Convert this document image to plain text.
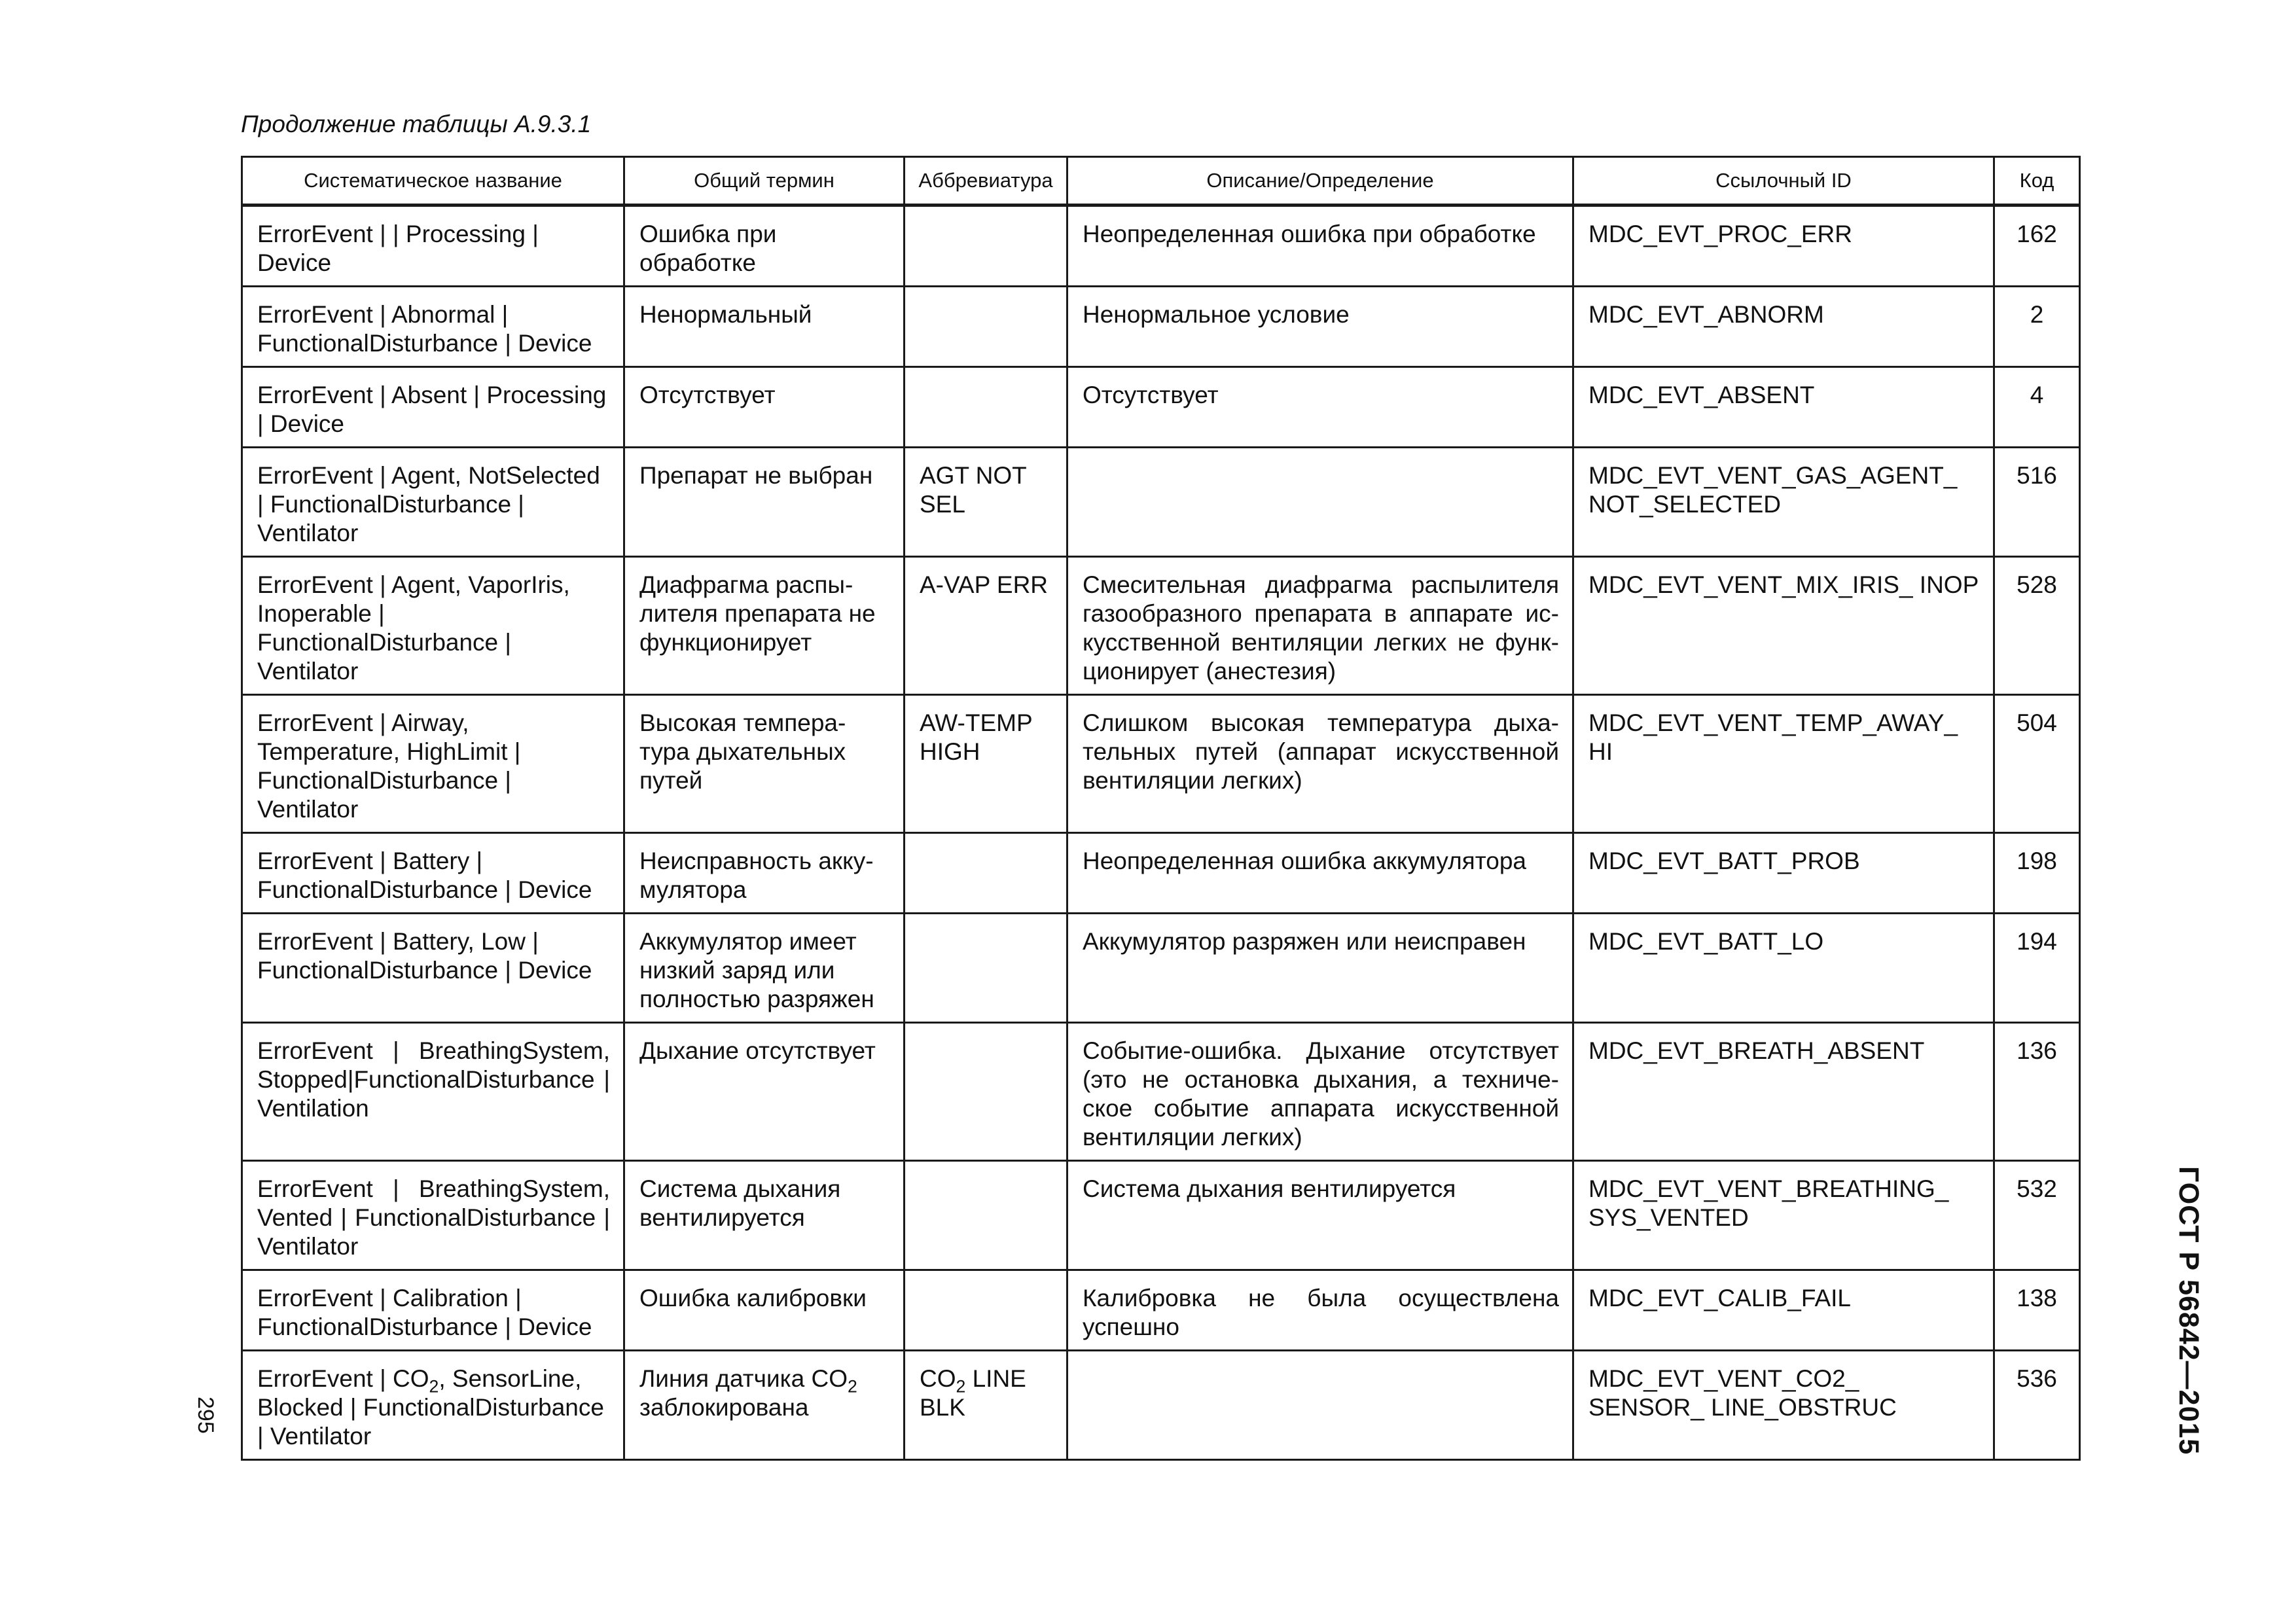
Продолжение таблицы А.9.3.1
Систематическое название	Общий термин	Аббревиатура	Описание/Определение	Ссылочный ID	Код
ErrorEvent | | Processing | Device	Ошибка при обработке		Неопределенная ошибка при обработке	MDC_EVT_PROC_ERR	162
ErrorEvent | Abnormal | FunctionalDisturbance | Device	Ненормальный		Ненормальное условие	MDC_EVT_ABNORM	2
ErrorEvent | Absent | Processing | Device	Отсутствует		Отсутствует	MDC_EVT_ABSENT	4
ErrorEvent | Agent, NotSelected | FunctionalDisturbance | Ventilator	Препарат не выбран	AGT NOT SEL		MDC_EVT_VENT_GAS_AGENT_ NOT_SELECTED	516
ErrorEvent | Agent, VaporIris, Inoperable | FunctionalDisturbance | Ventilator	Диафрагма распы-лителя препарата не функционирует	A-VAP ERR	Смесительная диафрагма распылителя газообразного препарата в аппарате ис-кусственной вентиляции легких не функ-ционирует (анестезия)	MDC_EVT_VENT_MIX_IRIS_ INOP	528
ErrorEvent | Airway, Temperature, HighLimit | FunctionalDisturbance | Ventilator	Высокая темпера-тура дыхательных путей	AW-TEMP HIGH	Слишком высокая температура дыха-тельных путей (аппарат искусственной вентиляции легких)	MDC_EVT_VENT_TEMP_AWAY_ HI	504
ErrorEvent | Battery | FunctionalDisturbance | Device	Неисправность акку-мулятора		Неопределенная ошибка аккумулятора	MDC_EVT_BATT_PROB	198
ErrorEvent | Battery, Low | FunctionalDisturbance | Device	Аккумулятор имеет низкий заряд или полностью разряжен		Аккумулятор разряжен или неисправен	MDC_EVT_BATT_LO	194
ErrorEvent | BreathingSystem, Stopped|FunctionalDisturbance | Ventilation	Дыхание отсутствует		Событие-ошибка. Дыхание отсутствует (это не остановка дыхания, а техниче-ское событие аппарата искусственной вентиляции легких)	MDC_EVT_BREATH_ABSENT	136
ErrorEvent | BreathingSystem, Vented | FunctionalDisturbance | Ventilator	Система дыхания вентилируется		Система дыхания вентилируется	MDC_EVT_VENT_BREATHING_ SYS_VENTED	532
ErrorEvent | Calibration | FunctionalDisturbance | Device	Ошибка калибровки		Калибровка не была осуществлена успешно	MDC_EVT_CALIB_FAIL	138
ErrorEvent | $CO_2$, SensorLine, Blocked | FunctionalDisturbance | Ventilator	Линия датчика $CO_2$ заблокирована	$CO_2$ LINE BLK		MDC_EVT_VENT_CO2_ SENSOR_ LINE_OBSTRUC	536	ГОСТ Р 56842—2015
295
